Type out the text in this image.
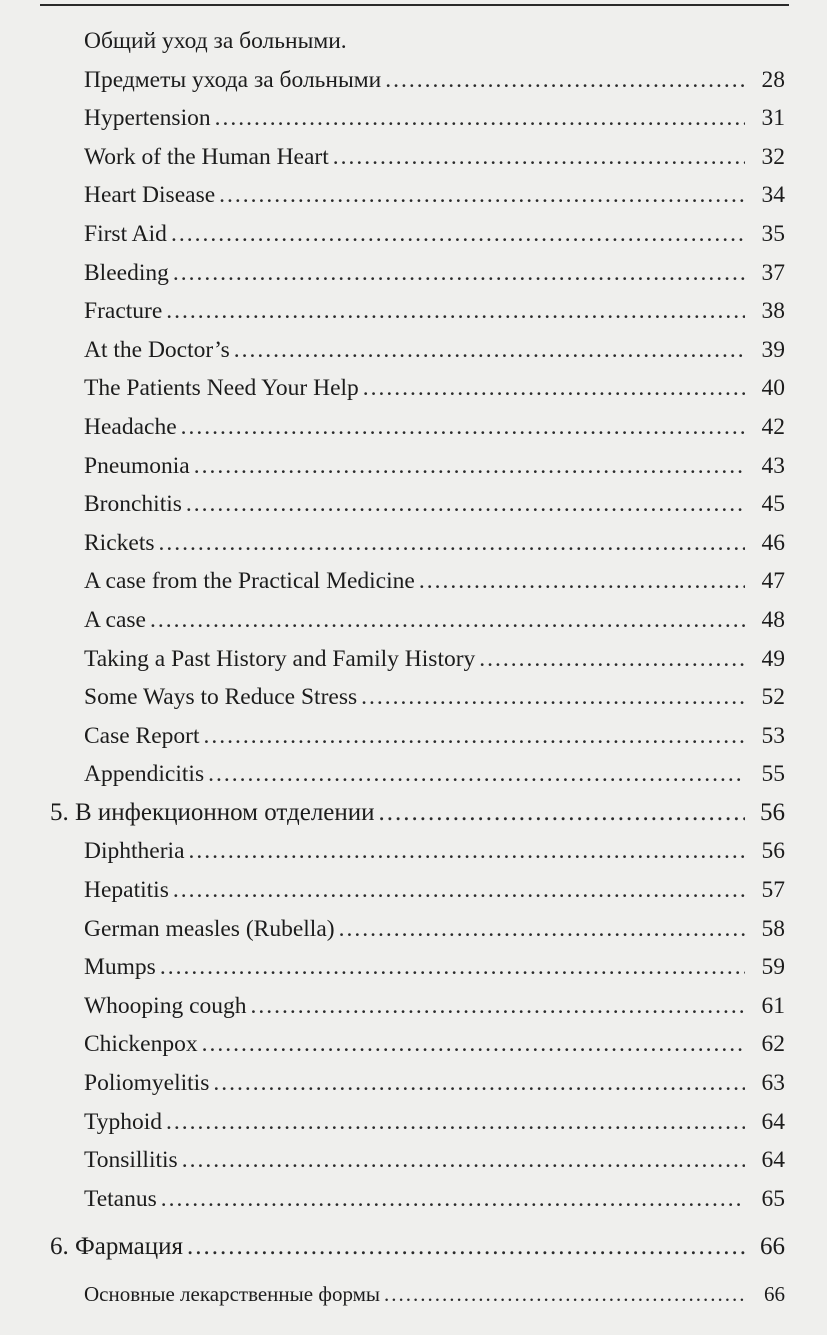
Общий уход за больными.
Предметы ухода за больными .....	28
Hypertension .....	31
Work of the Human Heart .....	32
Heart Disease .....	34
First Aid .....	35
Bleeding .....	37
Fracture .....	38
At the Doctor’s .....	39
The Patients Need Your Help .....	40
Headache .....	42
Pneumonia .....	43
Bronchitis .....	45
Rickets .....	46
A case from the Practical Medicine .....	47
A case .....	48
Taking a Past History and Family History .....	49
Some Ways to Reduce Stress .....	52
Case Report .....	53
Appendicitis .....	55
5. В инфекционном отделении .....	56
Diphtheria .....	56
Hepatitis .....	57
German measles (Rubella) .....	58
Mumps .....	59
Whooping cough .....	61
Chickenpox .....	62
Poliomyelitis .....	63
Typhoid .....	64
Tonsillitis .....	64
Tetanus .....	65
6. Фармация .....	66
Основные лекарственные формы .....	66
